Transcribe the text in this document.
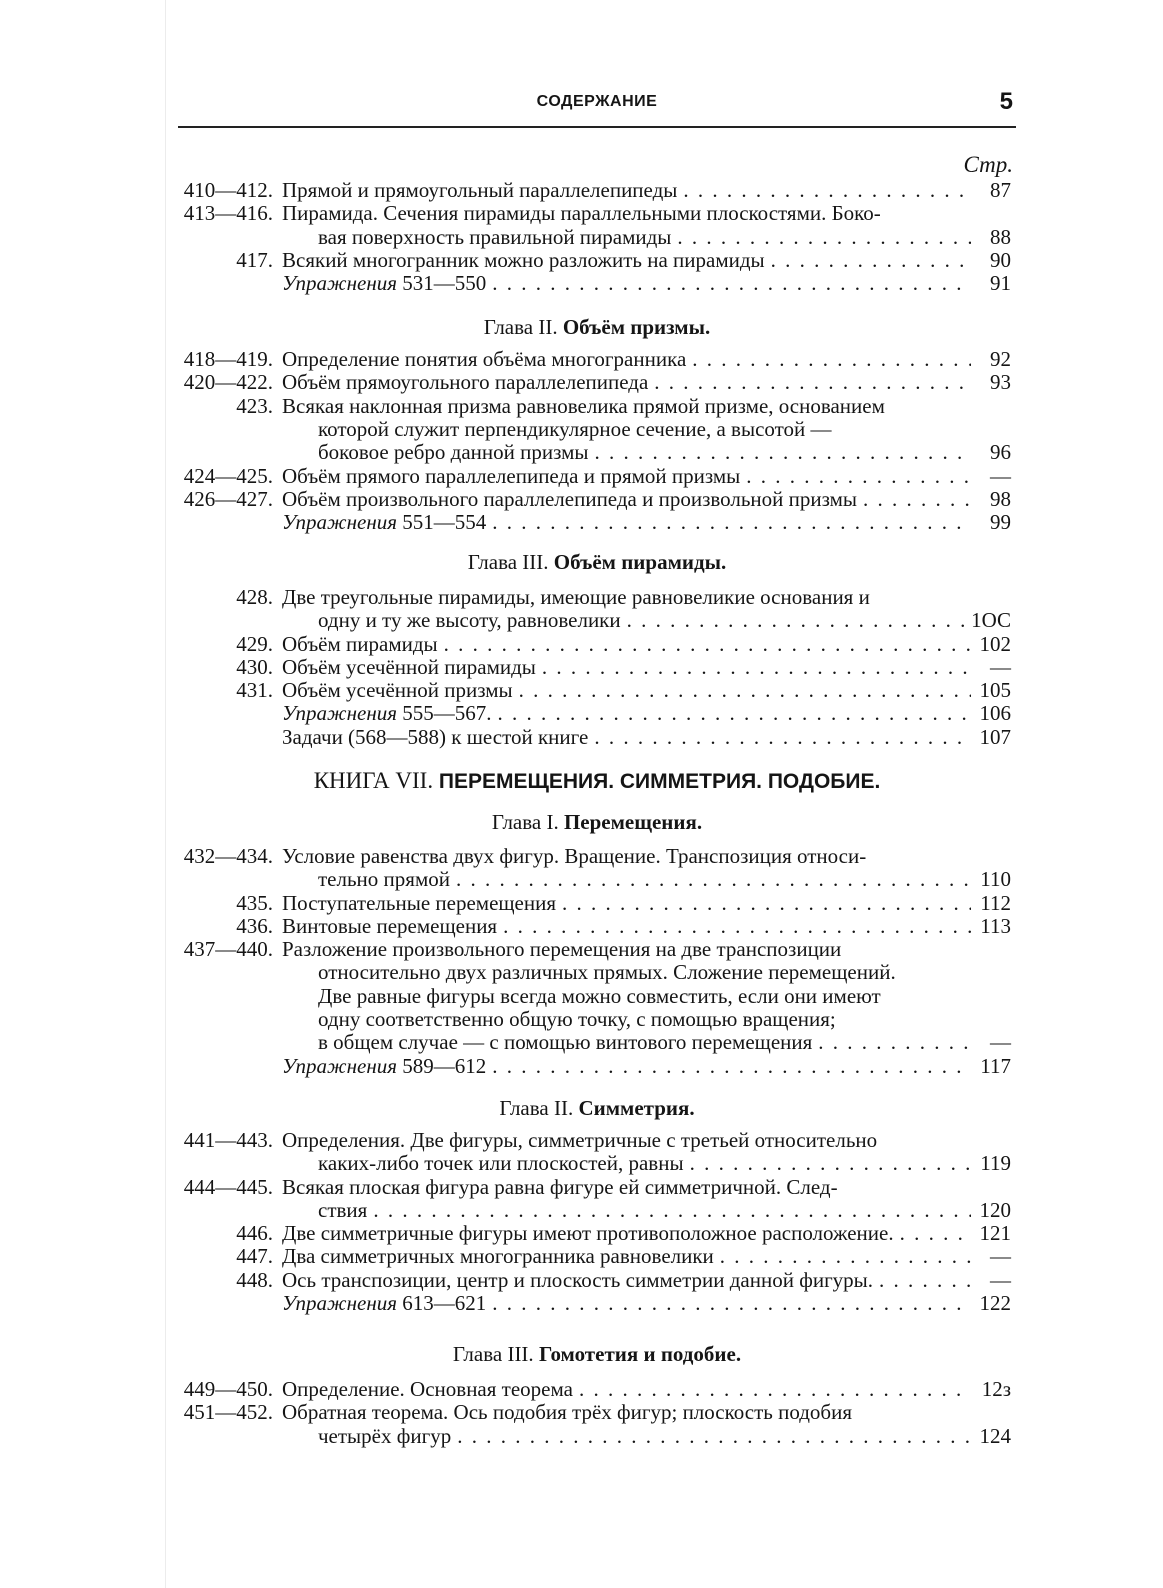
СОДЕРЖАНИЕ	5
Стр.
410—412. Прямой и прямоугольный параллелепипеды . . .	87
413—416. Пирамида. Сечения пирамиды параллельными плоскостями. Боко-
вая поверхность правильной пирамиды . . .	88
417. Всякий многогранник можно разложить на пирамиды . . .	90
Упражнения 531—550 . . .	91
Глава II. Объём призмы.
418—419. Определение понятия объёма многогранника . . .	92
420—422. Объём прямоугольного параллелепипеда . . .	93
423. Всякая наклонная призма равновелика прямой призме, основанием
которой служит перпендикулярное сечение, а высотой —
боковое ребро данной призмы . . .	96
424—425. Объём прямого параллелепипеда и прямой призмы . . .	—
426—427. Объём произвольного параллелепипеда и произвольной призмы . . .	98
Упражнения 551—554 . . .	99
Глава III. Объём пирамиды.
428. Две треугольные пирамиды, имеющие равновеликие основания и
одну и ту же высоту, равновелики . . .	1ОС
429. Объём пирамиды . . .	102
430. Объём усечённой пирамиды . . .	—
431. Объём усечённой призмы . . .	105
Упражнения 555—567. . . .	106
Задачи (568—588) к шестой книге . . .	107
КНИГА VII. ПЕРЕМЕЩЕНИЯ. СИММЕТРИЯ. ПОДОБИЕ.
Глава I. Перемещения.
432—434. Условие равенства двух фигур. Вращение. Транспозиция относи-
тельно прямой . . .	110
435. Поступательные перемещения . . .	112
436. Винтовые перемещения . . .	113
437—440. Разложение произвольного перемещения на две транспозиции
относительно двух различных прямых. Сложение перемещений.
Две равные фигуры всегда можно совместить, если они имеют
одну соответственно общую точку, с помощью вращения;
в общем случае — с помощью винтового перемещения . . .	—
Упражнения 589—612 . . .	117
Глава II. Симметрия.
441—443. Определения. Две фигуры, симметричные с третьей относительно
каких-либо точек или плоскостей, равны . . .	119
444—445. Всякая плоская фигура равна фигуре ей симметричной. След-
ствия . . .	120
446. Две симметричные фигуры имеют противоположное расположение. . . .	121
447. Два симметричных многогранника равновелики . . .	—
448. Ось транспозиции, центр и плоскость симметрии данной фигуры. . . .	—
Упражнения 613—621 . . .	122
Глава III. Гомотетия и подобие.
449—450. Определение. Основная теорема . . .	12з
451—452. Обратная теорема. Ось подобия трёх фигур; плоскость подобия
четырёх фигур . . .	124
